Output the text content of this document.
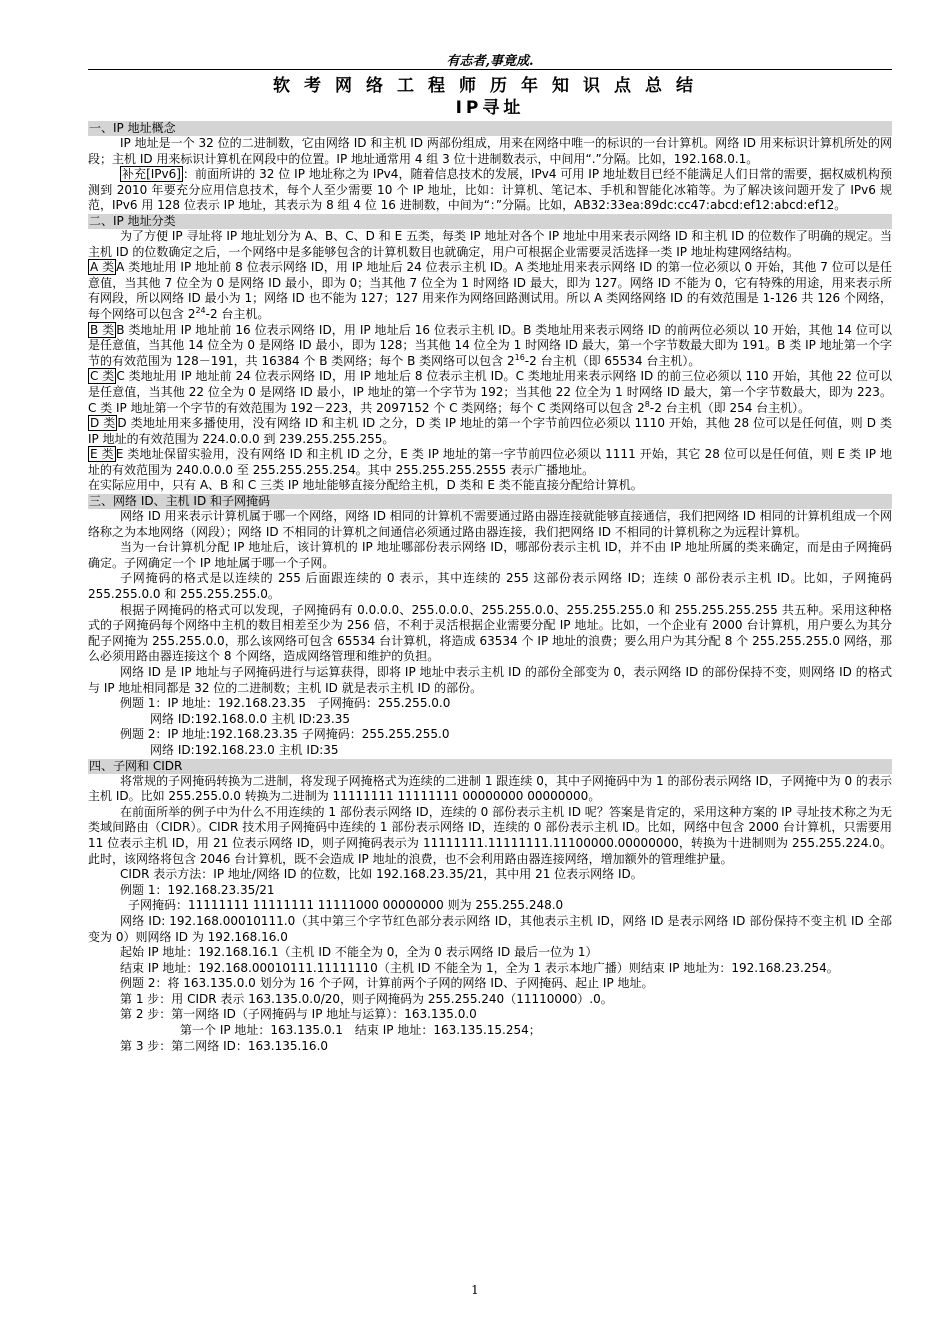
有志者,事竟成.
软考网络工程师历年知识点总结
IP寻址
一、IP 地址概念

IP 地址是一个 32 位的二进制数，它由网络 ID 和主机 ID 两部份组成，用来在网络中唯一的标识的一台计算机。网络 ID 用来标识计算机所处的网段；主机 ID 用来标识计算机在网段中的位置。IP 地址通常用 4 组 3 位十进制数表示，中间用“.”分隔。比如，192.168.0.1。

补充[IPv6] ：前面所讲的 32 位 IP 地址称之为 IPv4，随着信息技术的发展，IPv4 可用 IP 地址数目已经不能满足人们日常的需要，据权威机构预测到 2010 年要充分应用信息技术，每个人至少需要 10 个 IP 地址，比如：计算机、笔记本、手机和智能化冰箱等。为了解决该问题开发了 IPv6 规范，IPv6 用 128 位表示 IP 地址，其表示为 8 组 4 位 16 进制数，中间为“：”分隔。比如，AB32:33ea:89dc:cc47:abcd:ef12:abcd:ef12。

二、IP 地址分类

为了方便 IP 寻址将 IP 地址划分为 A、B、C、D 和 E 五类，每类 IP 地址对各个 IP 地址中用来表示网络 ID 和主机 ID 的位数作了明确的规定。当主机 ID 的位数确定之后，一个网络中是多能够包含的计算机数目也就确定，用户可根据企业需要灵活选择一类 IP 地址构建网络结构。

A 类 A 类地址用 IP 地址前 8 位表示网络 ID，用 IP 地址后 24 位表示主机 ID。A 类地址用来表示网络 ID 的第一位必须以 0 开始，其他 7 位可以是任意值，当其他 7 位全为 0 是网络 ID 最小，即为 0；当其他 7 位全为 1 时网络 ID 最大，即为 127。网络 ID 不能为 0，它有特殊的用途，用来表示所有网段，所以网络 ID 最小为 1；网络 ID 也不能为 127；127 用来作为网络回路测试用。所以 A 类网络网络 ID 的有效范围是 1-126 共 126 个网络，每个网络可以包含 $2^{24}-2$ 台主机。

B 类 B 类地址用 IP 地址前 16 位表示网络 ID，用 IP 地址后 16 位表示主机 ID。B 类地址用来表示网络 ID 的前两位必须以 10 开始，其他 14 位可以是任意值，当其他 14 位全为 0 是网络 ID 最小，即为 128；当其他 14 位全为 1 时网络 ID 最大，第一个字节数最大即为 191。B 类 IP 地址第一个字节的有效范围为 128－191，共 16384 个 B 类网络；每个 B 类网络可以包含 $2^{16}-2$ 台主机（即 65534 台主机）。

C 类 C 类地址用 IP 地址前 24 位表示网络 ID，用 IP 地址后 8 位表示主机 ID。C 类地址用来表示网络 ID 的前三位必须以 110 开始，其他 22 位可以是任意值，当其他 22 位全为 0 是网络 ID 最小，IP 地址的第一个字节为 192；当其他 22 位全为 1 时网络 ID 最大，第一个字节数最大，即为 223。C 类 IP 地址第一个字节的有效范围为 192－223，共 2097152 个 C 类网络；每个 C 类网络可以包含 $2^8-2$ 台主机（即 254 台主机）。

D 类 D 类地址用来多播使用，没有网络 ID 和主机 ID 之分，D 类 IP 地址的第一个字节前四位必须以 1110 开始，其他 28 位可以是任何值，则 D 类 IP 地址的有效范围为 224.0.0.0 到 239.255.255.255。

E 类 E 类地址保留实验用，没有网络 ID 和主机 ID 之分，E 类 IP 地址的第一字节前四位必须以 1111 开始，其它 28 位可以是任何值，则 E 类 IP 地址的有效范围为 240.0.0.0 至 255.255.255.254。其中 255.255.255.2555 表示广播地址。

在实际应用中，只有 A、B 和 C 三类 IP 地址能够直接分配给主机，D 类和 E 类不能直接分配给计算机。

三、网络 ID、主机 ID 和子网掩码

网络 ID 用来表示计算机属于哪一个网络，网络 ID 相同的计算机不需要通过路由器连接就能够直接通信，我们把网络 ID 相同的计算机组成一个网络称之为本地网络（网段）；网络 ID 不相同的计算机之间通信必须通过路由器连接，我们把网络 ID 不相同的计算机称之为远程计算机。

当为一台计算机分配 IP 地址后，该计算机的 IP 地址哪部份表示网络 ID，哪部份表示主机 ID，并不由 IP 地址所属的类来确定，而是由子网掩码确定。子网确定一个 IP 地址属于哪一个子网。

子网掩码的格式是以连续的 255 后面跟连续的 0 表示，其中连续的 255 这部份表示网络 ID；连续 0 部份表示主机 ID。比如，子网掩码 255.255.0.0 和 255.255.255.0。

根据子网掩码的格式可以发现，子网掩码有 0.0.0.0、255.0.0.0、255.255.0.0、255.255.255.0 和 255.255.255.255 共五种。采用这种格式的子网掩码每个网络中主机的数目相差至少为 256 倍，不利于灵活根据企业需要分配 IP 地址。比如，一个企业有 2000 台计算机，用户要么为其分配子网掩为 255.255.0.0，那么该网络可包含 65534 台计算机，将造成 63534 个 IP 地址的浪费；要么用户为其分配 8 个 255.255.255.0 网络，那么必须用路由器连接这个 8 个网络，造成网络管理和维护的负担。

网络 ID 是 IP 地址与子网掩码进行与运算获得，即将 IP 地址中表示主机 ID 的部份全部变为 0，表示网络 ID 的部份保持不变，则网络 ID 的格式与 IP 地址相同都是 32 位的二进制数；主机 ID 就是表示主机 ID 的部份。

例题 1：IP 地址：192.168.23.35　子网掩码：255.255.0.0

网络 ID:192.168.0.0 主机 ID:23.35

例题 2：IP 地址:192.168.23.35 子网掩码：255.255.255.0

网络 ID:192.168.23.0 主机 ID:35

四、子网和 CIDR

将常规的子网掩码转换为二进制，将发现子网掩格式为连续的二进制 1 跟连续 0，其中子网掩码中为 1 的部份表示网络 ID，子网掩中为 0 的表示主机 ID。比如 255.255.0.0 转换为二进制为 11111111 11111111 00000000 00000000。

在前面所举的例子中为什么不用连续的 1 部份表示网络 ID，连续的 0 部份表示主机 ID 呢？答案是肯定的，采用这种方案的 IP 寻址技术称之为无类域间路由（CIDR）。CIDR 技术用子网掩码中连续的 1 部份表示网络 ID，连续的 0 部份表示主机 ID。比如，网络中包含 2000 台计算机，只需要用 11 位表示主机 ID，用 21 位表示网络 ID，则子网掩码表示为 11111111.11111111.11100000.00000000，转换为十进制则为 255.255.224.0。此时，该网络将包含 2046 台计算机，既不会造成 IP 地址的浪费，也不会利用路由器连接网络，增加额外的管理维护量。

CIDR 表示方法：IP 地址/网络 ID 的位数，比如 192.168.23.35/21，其中用 21 位表示网络 ID。

例题 1：192.168.23.35/21

子网掩码：11111111 11111111 11111000 00000000 则为 255.255.248.0

网络 ID: 192.168.00010111.0（其中第三个字节红色部分表示网络 ID，其他表示主机 ID，网络 ID 是表示网络 ID 部份保持不变主机 ID 全部变为 0）则网络 ID 为 192.168.16.0

起始 IP 地址：192.168.16.1（主机 ID 不能全为 0，全为 0 表示网络 ID 最后一位为 1）

结束 IP 地址：192.168.00010111.11111110（主机 ID 不能全为 1，全为 1 表示本地广播）则结束 IP 地址为：192.168.23.254。

例题 2：将 163.135.0.0 划分为 16 个子网，计算前两个子网的网络 ID、子网掩码、起止 IP 地址。

第 1 步：用 CIDR 表示 163.135.0.0/20，则子网掩码为 255.255.240（11110000）.0。

第 2 步：第一网络 ID（子网掩码与 IP 地址与运算）：163.135.0.0

第一个 IP 地址：163.135.0.1　结束 IP 地址：163.135.15.254；

第 3 步：第二网络 ID：163.135.16.0

1
